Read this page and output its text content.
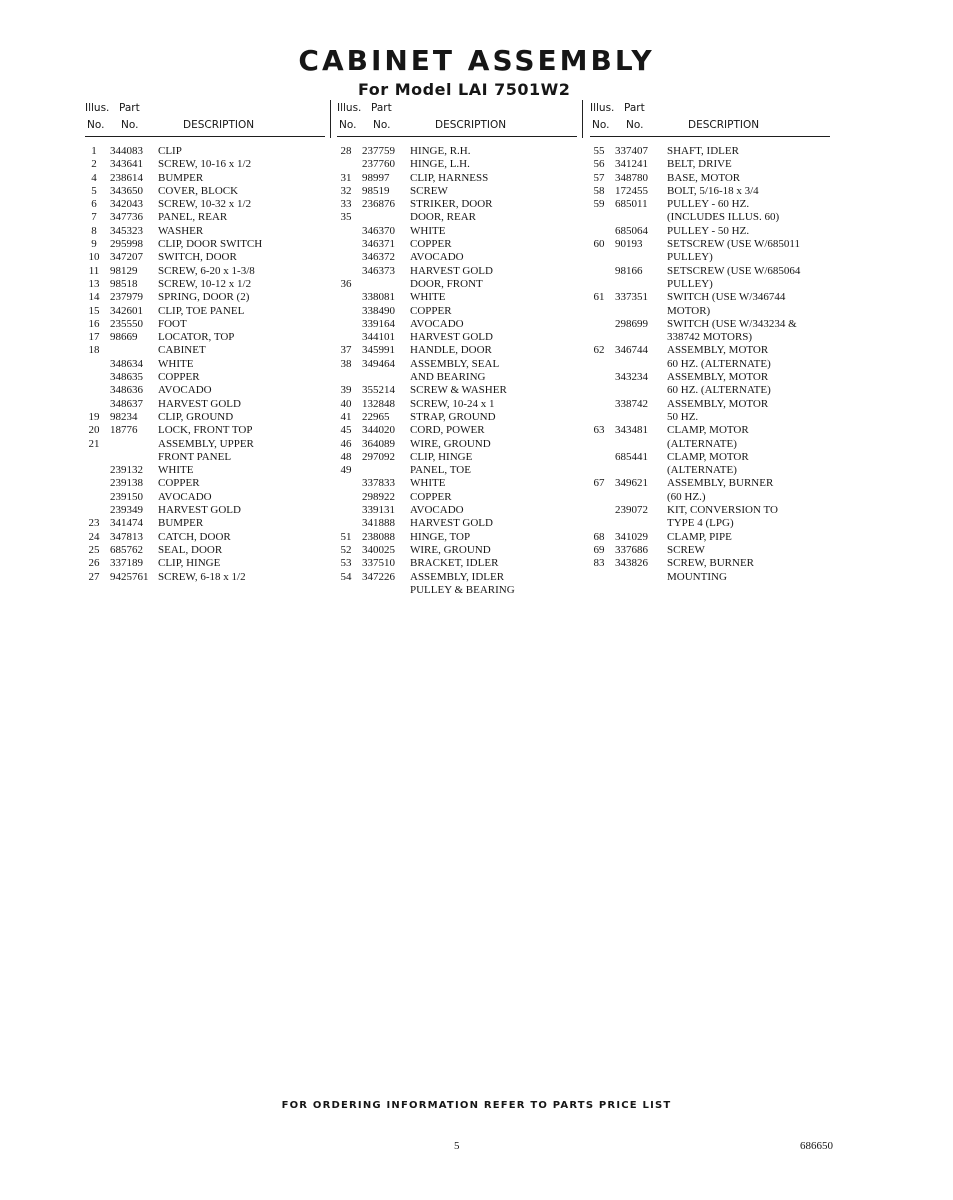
CABINET ASSEMBLY
For Model LAI 7501W2
Illus. Part
No. No.	DESCRIPTION
1	344083 CLIP
2	343641 SCREW, 10-16 x 1/2
4	238614 BUMPER
5	343650 COVER, BLOCK
6	342043 SCREW, 10-32 x 1/2
7	347736 PANEL, REAR
8	345323 WASHER
9	295998 CLIP, DOOR SWITCH
10 347207 SWITCH, DOOR
11 98129 SCREW, 6-20 x 1-3/8
13 98518 SCREW, 10-12 x 1/2
14 237979 SPRING, DOOR (2)
15 342601 CLIP, TOE PANEL
16 235550 FOOT
17 98669 LOCATOR, TOP
18	CABINET
348634 WHITE
348635 COPPER
348636 AVOCADO
348637 HARVEST GOLD
19 98234 CLIP, GROUND
20 18776 LOCK, FRONT TOP
21	ASSEMBLY, UPPER
FRONT PANEL
239132 WHITE
239138 COPPER
239150 AVOCADO
239349 HARVEST GOLD
23 341474 BUMPER
24 347813 CATCH, DOOR
25 685762 SEAL, DOOR
26 337189 CLIP, HINGE
27 9425761 SCREW, 6-18 x 1/2
Illus. Part
No. No.	DESCRIPTION
28 237759 HINGE, R.H.
237760 HINGE, L.H.
31 98997 CLIP, HARNESS
32 98519 SCREW
33 236876 STRIKER, DOOR
35	DOOR, REAR
346370 WHITE
346371 COPPER
346372 AVOCADO
346373 HARVEST GOLD
36	DOOR, FRONT
338081 WHITE
338490 COPPER
339164 AVOCADO
344101 HARVEST GOLD
37 345991 HANDLE, DOOR
38 349464 ASSEMBLY, SEAL
AND BEARING
39 355214 SCREW & WASHER
40 132848 SCREW, 10-24 x 1
41 22965 STRAP, GROUND
45 344020 CORD, POWER
46 364089 WIRE, GROUND
48 297092 CLIP, HINGE
49	PANEL, TOE
337833 WHITE
298922 COPPER
339131 AVOCADO
341888 HARVEST GOLD
51 238088 HINGE, TOP
52 340025 WIRE, GROUND
53 337510 BRACKET, IDLER
54 347226 ASSEMBLY, IDLER
PULLEY & BEARING
Illus. Part
No. No.	DESCRIPTION
55 337407 SHAFT, IDLER
56 341241 BELT, DRIVE
57 348780 BASE, MOTOR
58 172455 BOLT, 5/16-18 x 3/4
59 685011 PULLEY - 60 HZ.
(INCLUDES ILLUS. 60)
685064 PULLEY - 50 HZ.
60 90193 SETSCREW (USE W/685011
PULLEY)
98166 SETSCREW (USE W/685064
PULLEY)
61 337351 SWITCH (USE W/346744
MOTOR)
298699 SWITCH (USE W/343234 &
338742 MOTORS)
62 346744 ASSEMBLY, MOTOR
60 HZ. (ALTERNATE)
343234 ASSEMBLY, MOTOR
60 HZ. (ALTERNATE)
338742 ASSEMBLY, MOTOR
50 HZ.
63 343481 CLAMP, MOTOR
(ALTERNATE)
685441 CLAMP, MOTOR
(ALTERNATE)
67 349621 ASSEMBLY, BURNER
(60 HZ.)
239072 KIT, CONVERSION TO
TYPE 4 (LPG)
68 341029 CLAMP, PIPE
69 337686 SCREW
83 343826 SCREW, BURNER
MOUNTING

FOR ORDERING INFORMATION REFER TO PARTS PRICE LIST

5	686650
